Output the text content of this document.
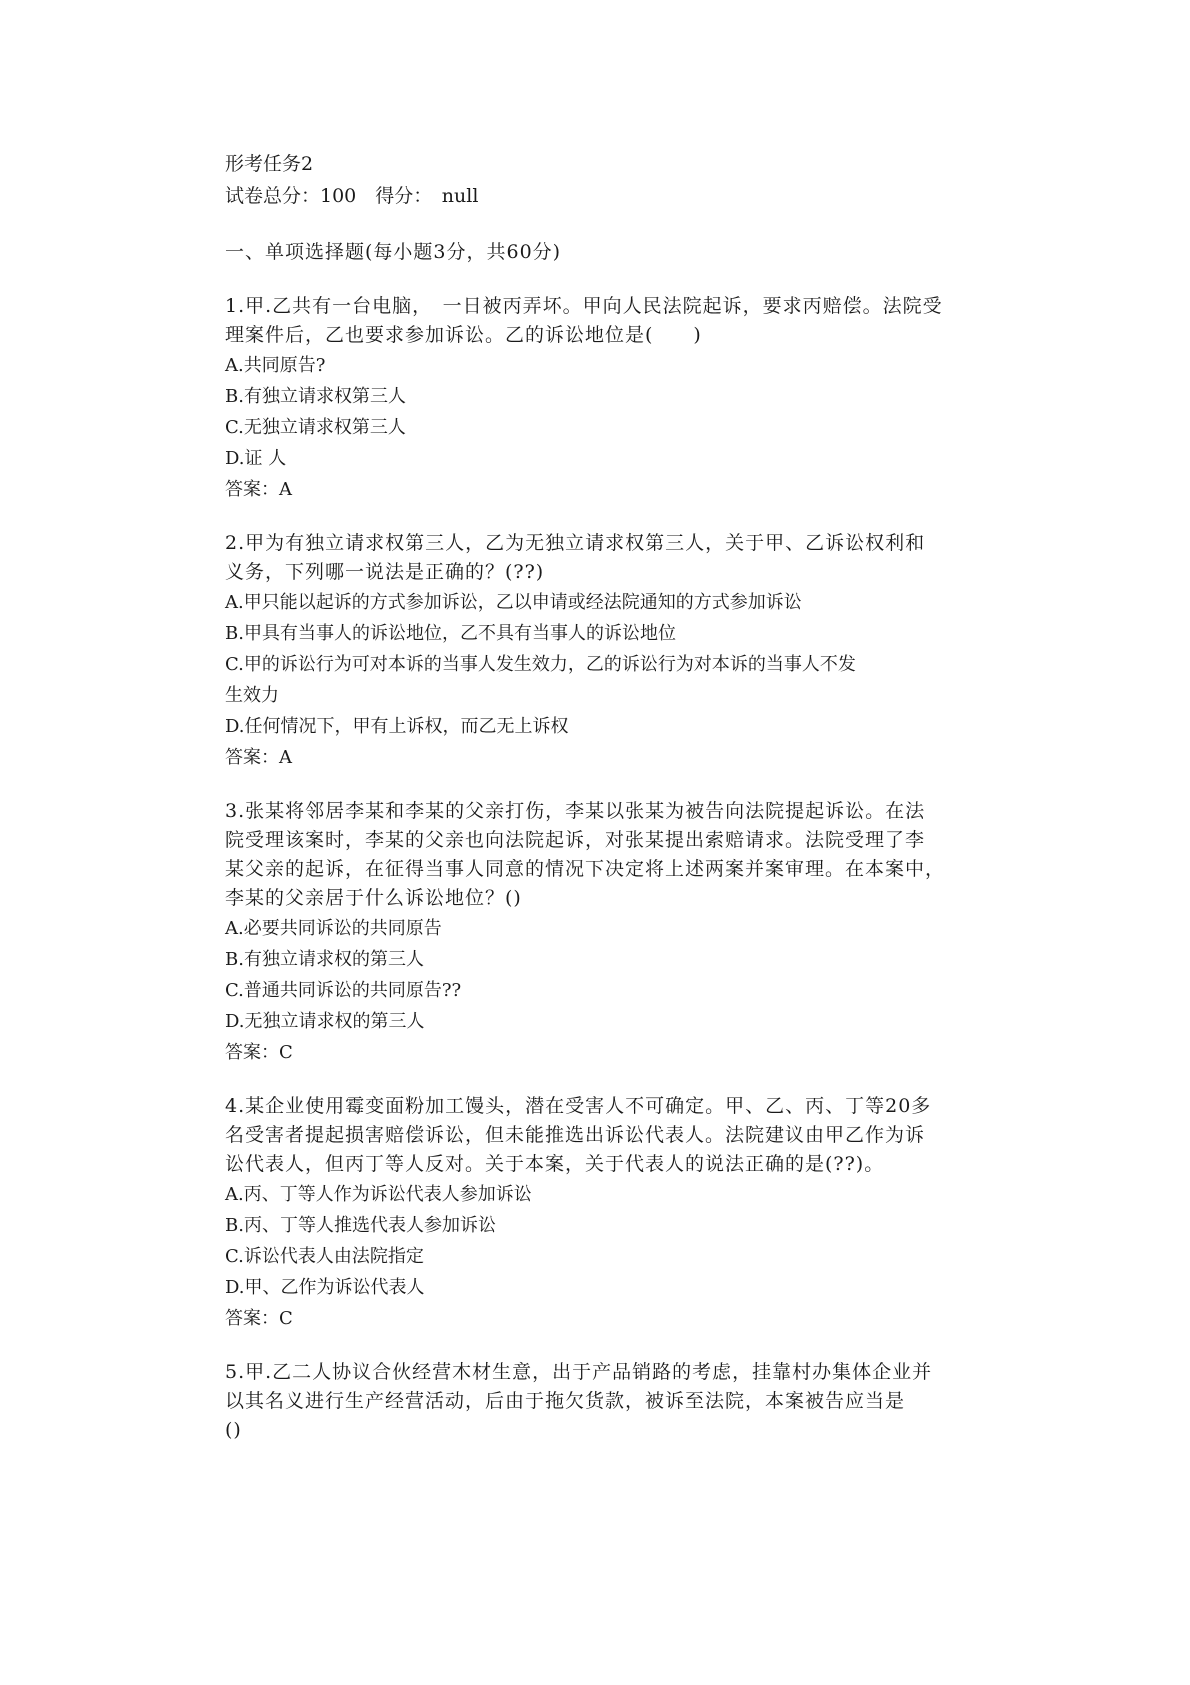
形考任务2
试卷总分：100　得分：　null
一、单项选择题(每小题3分，共60分)
1.甲.乙共有一台电脑，　一日被丙弄坏。甲向人民法院起诉，要求丙赔偿。法院受
理案件后，乙也要求参加诉讼。乙的诉讼地位是(　　)
A.共同原告?
B.有独立请求权第三人
C.无独立请求权第三人
D.证 人
答案：A
2.甲为有独立请求权第三人，乙为无独立请求权第三人，关于甲、乙诉讼权利和
义务，下列哪一说法是正确的？(??)
A.甲只能以起诉的方式参加诉讼，乙以申请或经法院通知的方式参加诉讼
B.甲具有当事人的诉讼地位，乙不具有当事人的诉讼地位
C.甲的诉讼行为可对本诉的当事人发生效力，乙的诉讼行为对本诉的当事人不发
生效力
D.任何情况下，甲有上诉权，而乙无上诉权
答案：A
3.张某将邻居李某和李某的父亲打伤，李某以张某为被告向法院提起诉讼。在法
院受理该案时，李某的父亲也向法院起诉，对张某提出索赔请求。法院受理了李
某父亲的起诉，在征得当事人同意的情况下决定将上述两案并案审理。在本案中，
李某的父亲居于什么诉讼地位？()
A.必要共同诉讼的共同原告
B.有独立请求权的第三人
C.普通共同诉讼的共同原告??
D.无独立请求权的第三人
答案：C
4.某企业使用霉变面粉加工馒头，潜在受害人不可确定。甲、乙、丙、丁等20多
名受害者提起损害赔偿诉讼，但未能推选出诉讼代表人。法院建议由甲乙作为诉
讼代表人，但丙丁等人反对。关于本案，关于代表人的说法正确的是(??)。
A.丙、丁等人作为诉讼代表人参加诉讼
B.丙、丁等人推选代表人参加诉讼
C.诉讼代表人由法院指定
D.甲、乙作为诉讼代表人
答案：C
5.甲.乙二人协议合伙经营木材生意，出于产品销路的考虑，挂靠村办集体企业并
以其名义进行生产经营活动，后由于拖欠货款，被诉至法院，本案被告应当是
()
